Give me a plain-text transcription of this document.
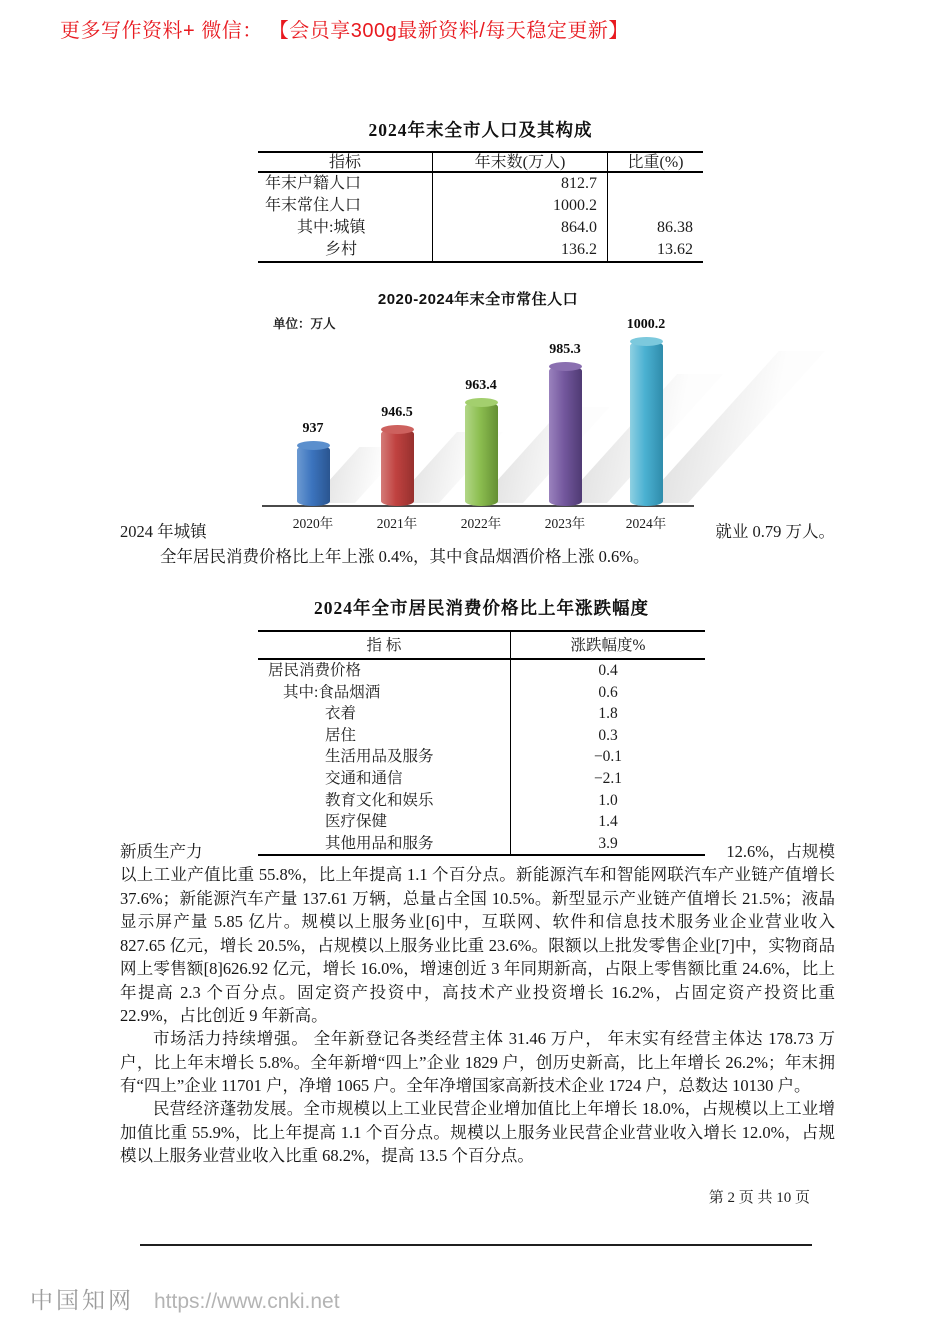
更多写作资料+ 微信： 【会员享300g最新资料/每天稳定更新】
2024年末全市人口及其构成
指标	年末数(万人)	比重(%)
年末户籍人口	812.7
年末常住人口	1000.2
其中:城镇	864.0	86.38
乡村	136.2	13.62
2020-2024年末全市常住人口
单位：万人
937
2020年
946.5
2021年
963.4
2022年
985.3
2023年
1000.2
2024年
2024 年城镇	就业 0.79 万人。
全年居民消费价格比上年上涨 0.4%，其中食品烟酒价格上涨 0.6%。
2024年全市居民消费价格比上年涨跌幅度
指 标	涨跌幅度%
居民消费价格	0.4
其中:食品烟酒	0.6
衣着	1.8
居住	0.3
生活用品及服务	−0.1
交通和通信	−2.1
教育文化和娱乐	1.0
医疗保健	1.4
其他用品和服务	3.9
新质生产力	12.6%，占规模
以上工业产值比重 55.8%，比上年提高 1.1 个百分点。新能源汽车和智能网联汽车产业链产值增长 37.6%；新能源汽车产量 137.61 万辆，总量占全国 10.5%。新型显示产业链产值增长 21.5%；液晶显示屏产量 5.85 亿片。规模以上服务业[6]中，互联网、软件和信息技术服务业企业营业收入 827.65 亿元，增长 20.5%，占规模以上服务业比重 23.6%。限额以上批发零售企业[7]中，实物商品网上零售额[8]626.92 亿元，增长 16.0%，增速创近 3 年同期新高，占限上零售额比重 24.6%，比上年提高 2.3 个百分点。固定资产投资中，高技术产业投资增长 16.2%，占固定资产投资比重 22.9%，占比创近 9 年新高。
市场活力持续增强。 全年新登记各类经营主体 31.46 万户， 年末实有经营主体达 178.73 万户，比上年末增长 5.8%。全年新增“四上”企业 1829 户，创历史新高，比上年增长 26.2%；年末拥有“四上”企业 11701 户，净增 1065 户。全年净增国家高新技术企业 1724 户，总数达 10130 户。
民营经济蓬勃发展。全市规模以上工业民营企业增加值比上年增长 18.0%，占规模以上工业增加值比重 55.9%，比上年提高 1.1 个百分点。规模以上服务业民营企业营业收入增长 12.0%，占规模以上服务业营业收入比重 68.2%，提高 13.5 个百分点。
第 2 页 共 10 页
中国知网 https://www.cnki.net
